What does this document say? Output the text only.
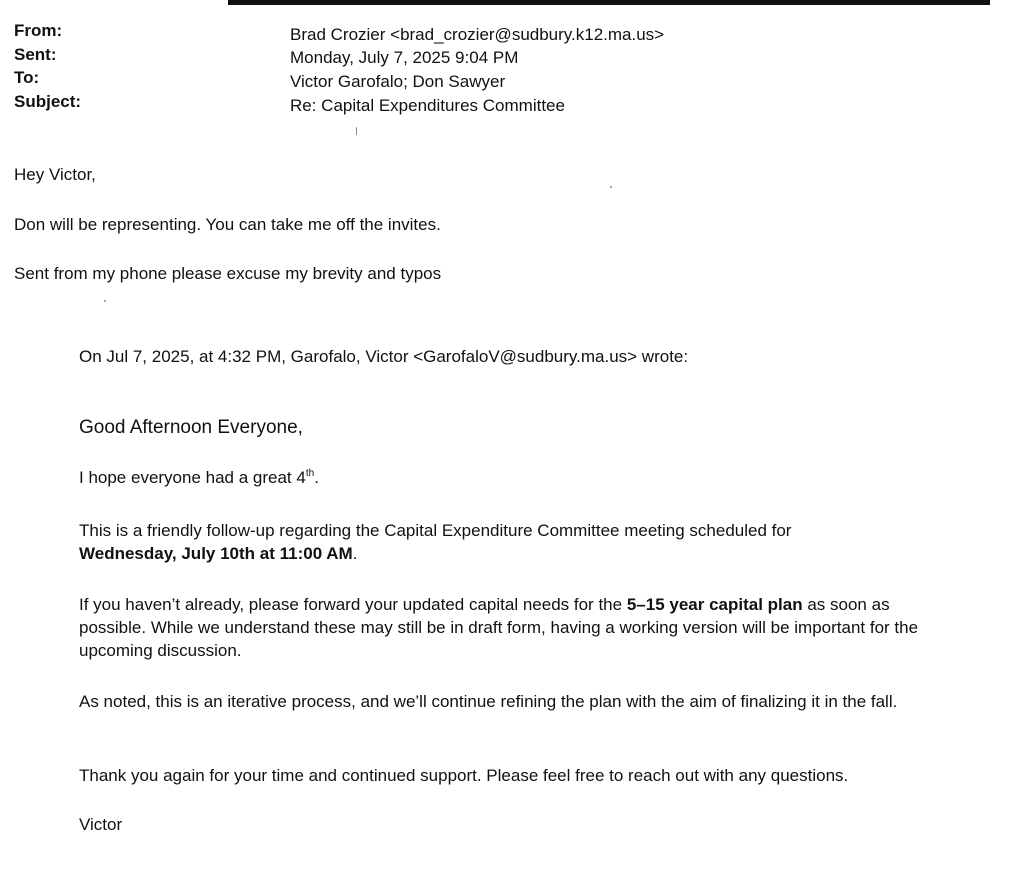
From:	Brad Crozier <brad_crozier@sudbury.k12.ma.us>
Sent:	Monday, July 7, 2025 9:04 PM
To:	Victor Garofalo; Don Sawyer
Subject:	Re: Capital Expenditures Committee
Hey Victor,
Don will be representing. You can take me off the invites.
Sent from my phone please excuse my brevity and typos
On Jul 7, 2025, at 4:32 PM, Garofalo, Victor <GarofaloV@sudbury.ma.us> wrote:
Good Afternoon Everyone,
I hope everyone had a great 4th.

This is a friendly follow-up regarding the Capital Expenditure Committee meeting scheduled for

Wednesday, July 10th at 11:00 AM.

If you haven’t already, please forward your updated capital needs for the 5–15 year capital plan as soon as possible. While we understand these may still be in draft form, having a working version will be important for the upcoming discussion.

As noted, this is an iterative process, and we’ll continue refining the plan with the aim of finalizing it in the fall.

Thank you again for your time and continued support. Please feel free to reach out with any questions.

Victor
